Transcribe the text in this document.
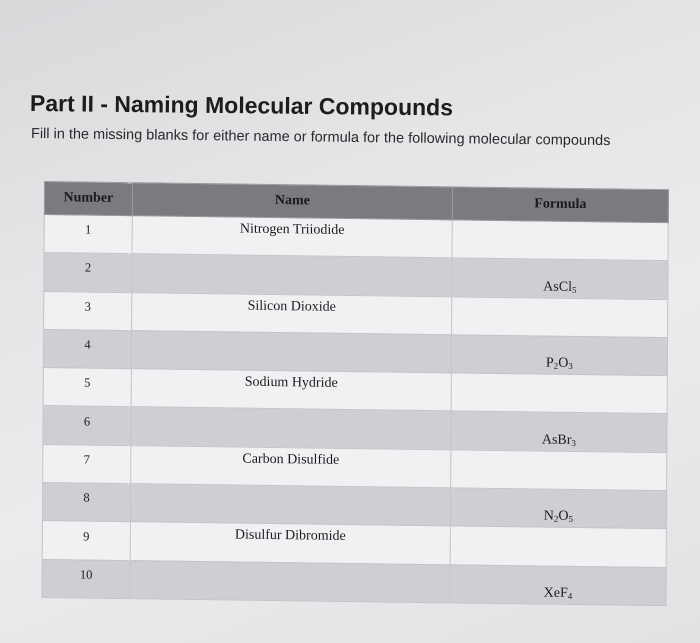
Part II - Naming Molecular Compounds
Fill in the missing blanks for either name or formula for the following molecular compounds
Number	Name	Formula
1	Nitrogen Triiodide	
2		AsCl$_5$
3	Silicon Dioxide	
4		$P_2O_3$
5	Sodium Hydride	
6		AsBr$_3$
7	Carbon Disulfide	
8		$N_2O_5$
9	Disulfur Dibromide	
10		XeF$_4$
